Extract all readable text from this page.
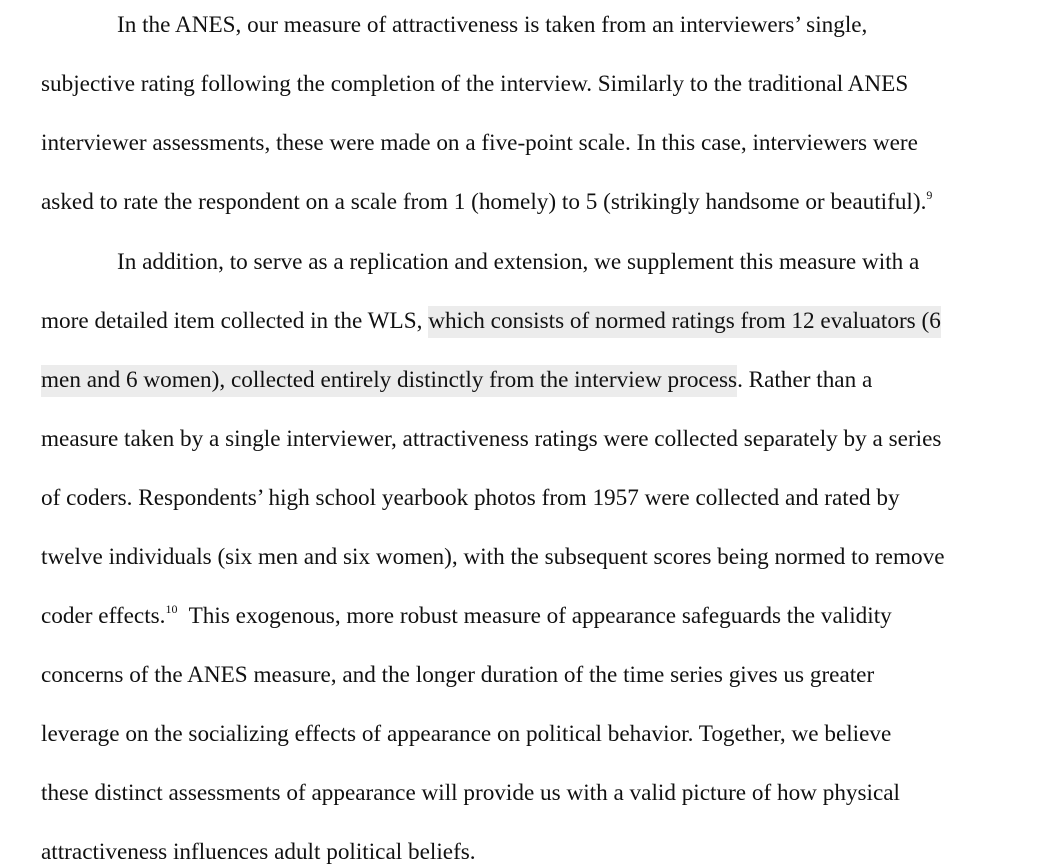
In the ANES, our measure of attractiveness is taken from an interviewers’ single,
subjective rating following the completion of the interview. Similarly to the traditional ANES
interviewer assessments, these were made on a five-point scale. In this case, interviewers were
asked to rate the respondent on a scale from 1 (homely) to 5 (strikingly handsome or beautiful).$^9$
In addition, to serve as a replication and extension, we supplement this measure with a
more detailed item collected in the WLS, which consists of normed ratings from 12 evaluators (6
men and 6 women), collected entirely distinctly from the interview process. Rather than a
measure taken by a single interviewer, attractiveness ratings were collected separately by a series
of coders. Respondents’ high school yearbook photos from 1957 were collected and rated by
twelve individuals (six men and six women), with the subsequent scores being normed to remove
coder effects.$^{10}$  This exogenous, more robust measure of appearance safeguards the validity
concerns of the ANES measure, and the longer duration of the time series gives us greater
leverage on the socializing effects of appearance on political behavior. Together, we believe
these distinct assessments of appearance will provide us with a valid picture of how physical
attractiveness influences adult political beliefs.
